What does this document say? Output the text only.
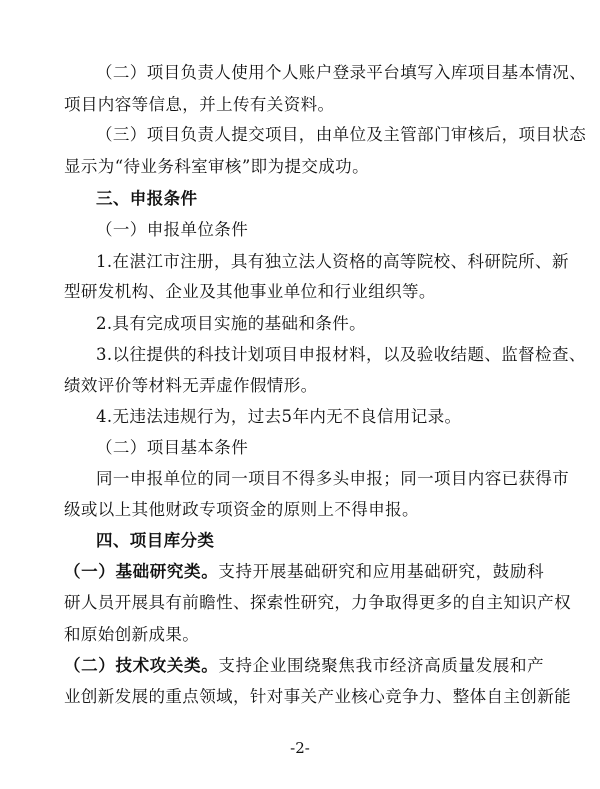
（二）项目负责人使用个人账户登录平台填写入库项目基本情况、
项目内容等信息，并上传有关资料。
（三）项目负责人提交项目，由单位及主管部门审核后，项目状态
显示为“待业务科室审核”即为提交成功。
三、申报条件
（一）申报单位条件
1.在湛江市注册，具有独立法人资格的高等院校、科研院所、新
型研发机构、企业及其他事业单位和行业组织等。
2.具有完成项目实施的基础和条件。
3.以往提供的科技计划项目申报材料，以及验收结题、监督检查、
绩效评价等材料无弄虚作假情形。
4.无违法违规行为，过去5年内无不良信用记录。
（二）项目基本条件
同一申报单位的同一项目不得多头申报；同一项目内容已获得市
级或以上其他财政专项资金的原则上不得申报。
四、项目库分类
（一）基础研究类。支持开展基础研究和应用基础研究，鼓励科
研人员开展具有前瞻性、探索性研究，力争取得更多的自主知识产权
和原始创新成果。
（二）技术攻关类。支持企业围绕聚焦我市经济高质量发展和产
业创新发展的重点领域，针对事关产业核心竞争力、整体自主创新能
-2-
